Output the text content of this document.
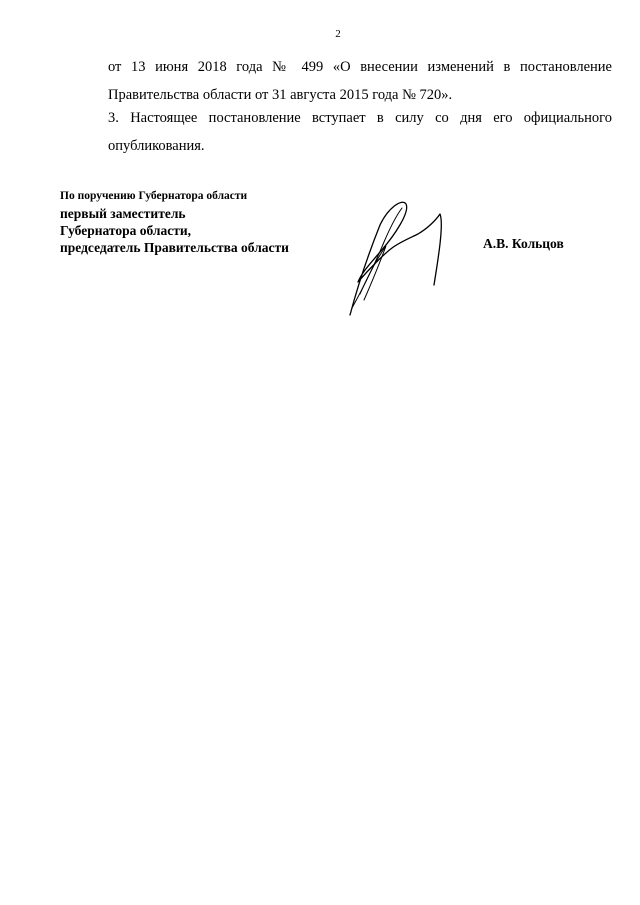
2

от 13 июня 2018 года № 499 «О внесении изменений в постановление Правительства области от 31 августа 2015 года № 720».

3. Настоящее постановление вступает в силу со дня его официального опубликования.

По поручению Губернатора области
первый заместитель
Губернатора области,
председатель Правительства области	А.В. Кольцов
